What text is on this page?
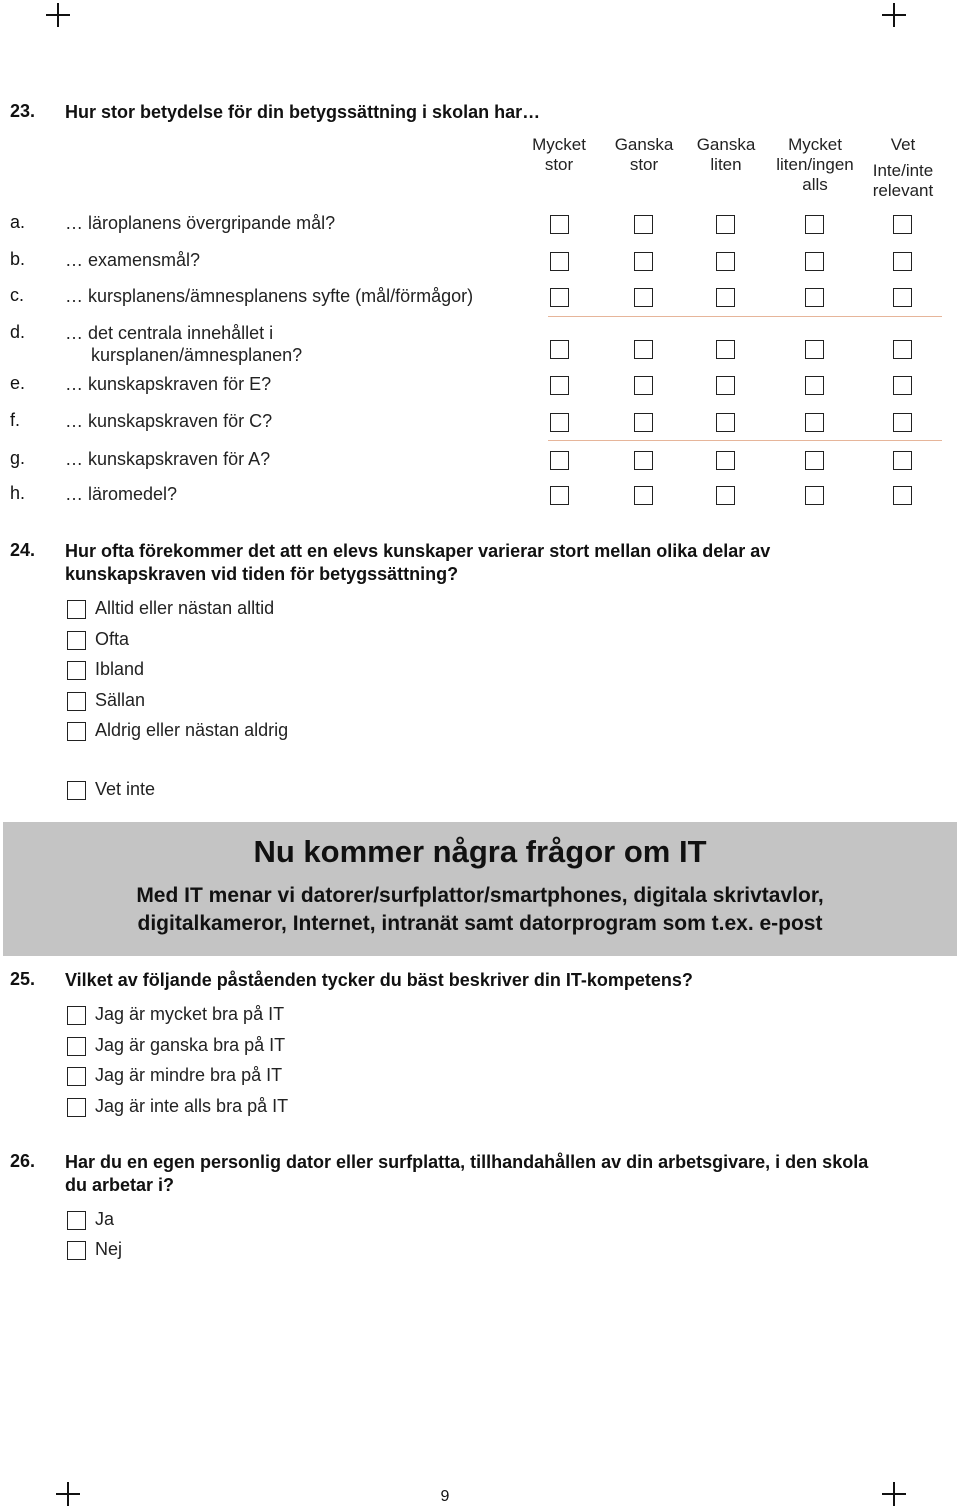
23. Hur stor betydelse för din betygssättning i skolan har…
Mycket
stor
Ganska
stor
Ganska
liten
Mycket
liten/ingen
alls
Vet
Inte/inte
relevant
a. … läroplanens övergripande mål?
b. … examensmål?
c. … kursplanens/ämnesplanens syfte (mål/förmågor)
d. … det centrala innehållet i
kursplanen/ämnesplanen?
e. … kunskapskraven för E?
f. … kunskapskraven för C?
g. … kunskapskraven för A?
h. … läromedel?
24. Hur ofta förekommer det att en elevs kunskaper varierar stort mellan olika delar av kunskapskraven vid tiden för betygssättning?
Alltid eller nästan alltid
Ofta
Ibland
Sällan
Aldrig eller nästan aldrig
Vet inte
Nu kommer några frågor om IT
Med IT menar vi datorer/surfplattor/smartphones, digitala skrivtavlor,
digitalkameror, Internet, intranät samt datorprogram som t.ex. e-post
25. Vilket av följande påståenden tycker du bäst beskriver din IT-kompetens?
Jag är mycket bra på IT
Jag är ganska bra på IT
Jag är mindre bra på IT
Jag är inte alls bra på IT
26. Har du en egen personlig dator eller surfplatta, tillhandahållen av din arbetsgivare, i den skola du arbetar i?
Ja
Nej
9
